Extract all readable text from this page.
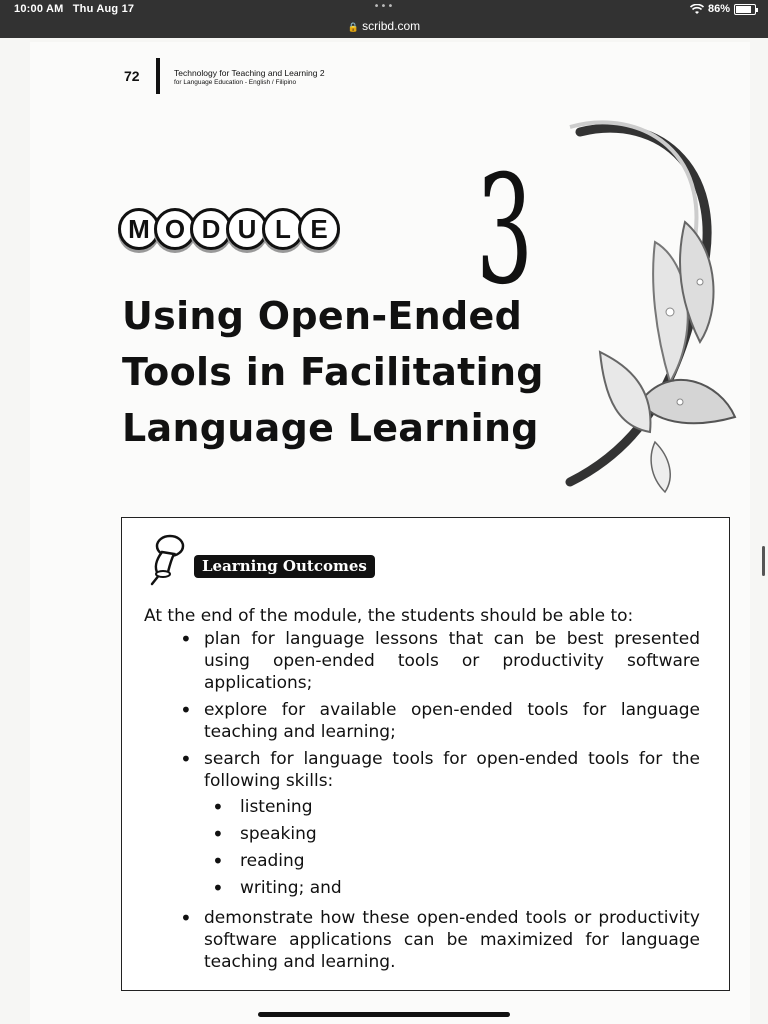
10:00 AM Thu Aug 17	•••
🔒 scribd.com
86%
72	Technology for Teaching and Learning 2
for Language Education - English / Filipino
M O D U L E 3
Using Open-Ended
Tools in Facilitating
Language Learning
Learning Outcomes
At the end of the module, the students should be able to:
• plan for language lessons that can be best presented using open-ended tools or productivity software applications;
• explore for available open-ended tools for language teaching and learning;
• search for language tools for open-ended tools for the following skills:
• listening
• speaking
• reading
• writing; and
• demonstrate how these open-ended tools or productivity software applications can be maximized for language teaching and learning.
